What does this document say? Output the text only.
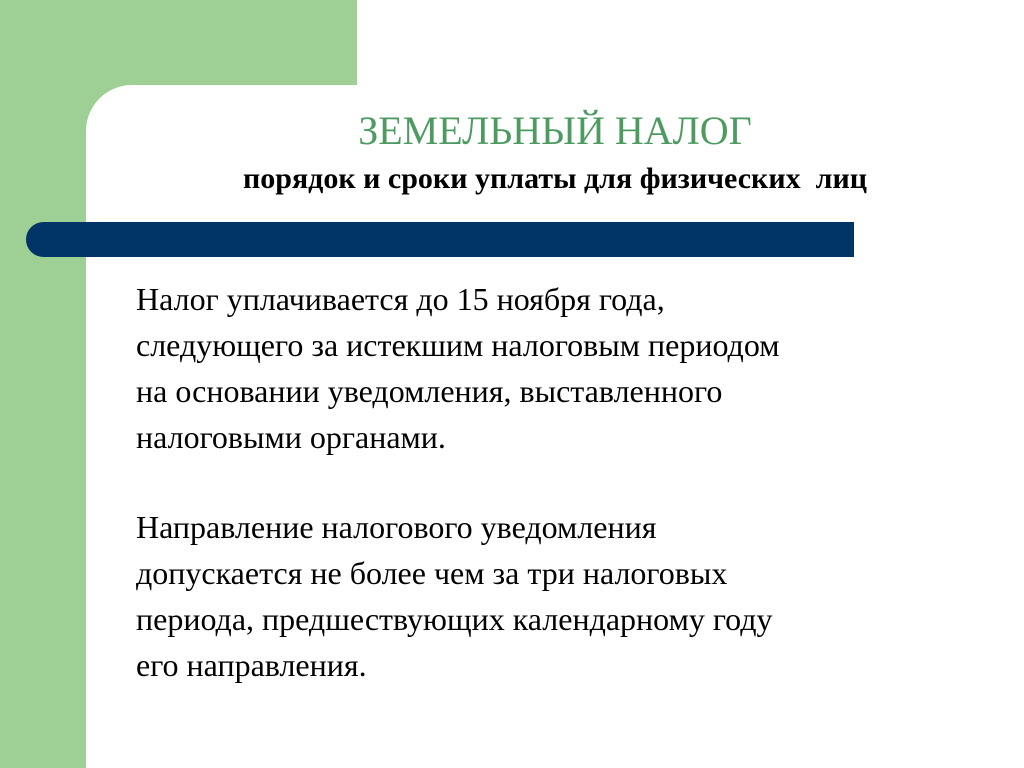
ЗЕМЕЛЬНЫЙ НАЛОГ
порядок и сроки уплаты для физических  лиц

Налог уплачивается до 15 ноября года,
следующего за истекшим налоговым периодом
на основании уведомления, выставленного
налоговыми органами.

Направление налогового уведомления
допускается не более чем за три налоговых
периода, предшествующих календарному году
его направления.
